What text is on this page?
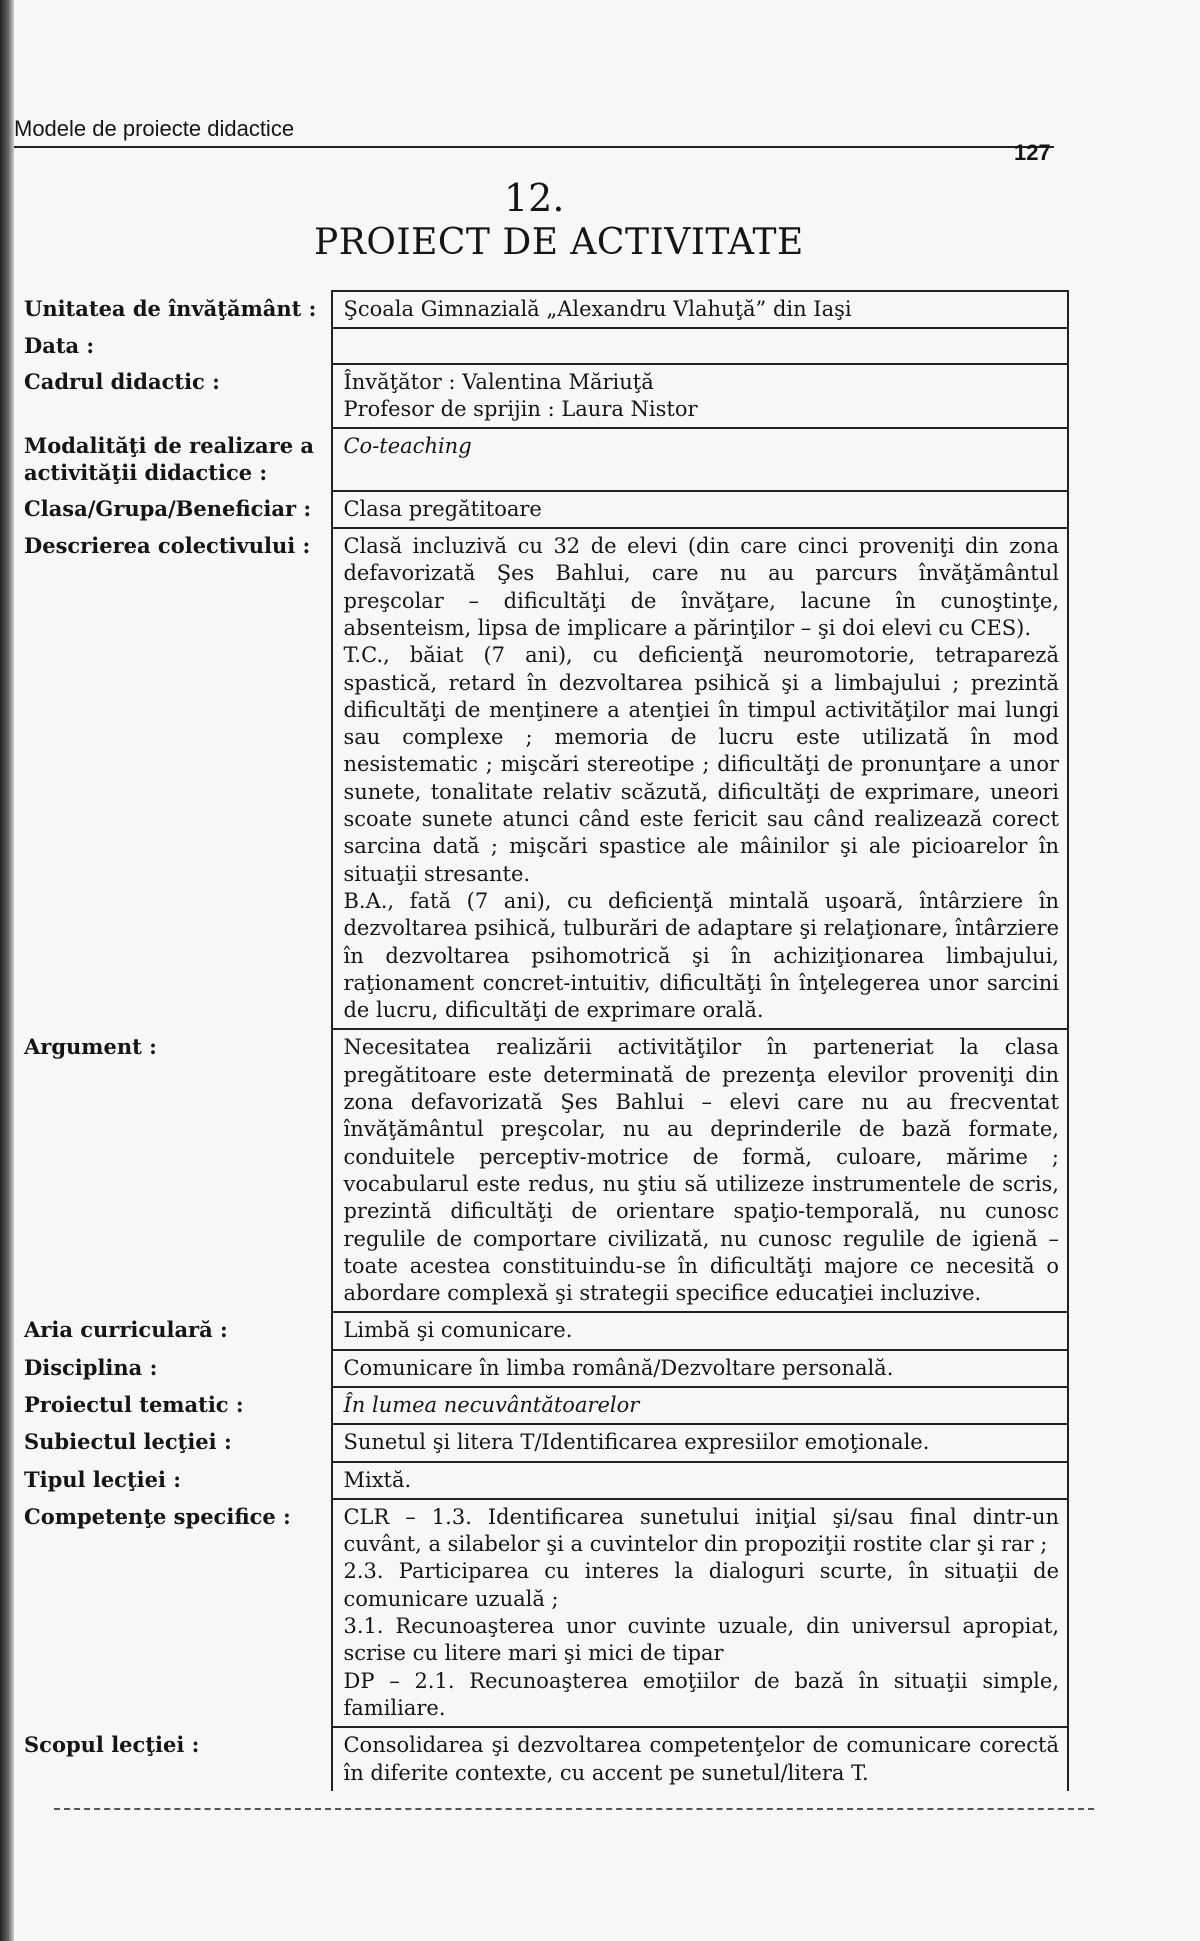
Modele de proiecte didactice
127
12.
PROIECT DE ACTIVITATE
Unitatea de învăţământ :	Şcoala Gimnazială „Alexandru Vlahuţă” din Iaşi

Data :	

Cadrul didactic :	Învăţător : Valentina Măriuţă
Profesor de sprijin : Laura Nistor

Modalităţi de realizare a activităţii didactice :	Co-teaching

Clasa/Grupa/Beneficiar :	Clasa pregătitoare

Descrierea colectivului :	Clasă incluzivă cu 32 de elevi (din care cinci proveniţi din zona defavorizată Şes Bahlui, care nu au parcurs învăţământul preşcolar – dificultăţi de învăţare, lacune în cunoştinţe, absenteism, lipsa de implicare a părinţilor – şi doi elevi cu CES).
T.C., băiat (7 ani), cu deficienţă neuromotorie, tetrapareză spastică, retard în dezvoltarea psihică şi a limbajului ; prezintă dificultăţi de menţinere a atenţiei în timpul activităţilor mai lungi sau complexe ; memoria de lucru este utilizată în mod nesistematic ; mişcări stereotipe ; dificultăţi de pronunţare a unor sunete, tonalitate relativ scăzută, dificultăţi de exprimare, uneori scoate sunete atunci când este fericit sau când realizează corect sarcina dată ; mişcări spastice ale mâinilor şi ale picioarelor în situaţii stresante.
B.A., fată (7 ani), cu deficienţă mintală uşoară, întârziere în dezvoltarea psihică, tulburări de adaptare şi relaţionare, întârziere în dezvoltarea psihomotrică şi în achiziţionarea limbajului, raţionament concret-intuitiv, dificultăţi în înţelegerea unor sarcini de lucru, dificultăţi de exprimare orală.

Argument :	Necesitatea realizării activităţilor în parteneriat la clasa pregătitoare este determinată de prezenţa elevilor proveniţi din zona defavorizată Şes Bahlui – elevi care nu au frecventat învăţământul preşcolar, nu au deprinderile de bază formate, conduitele perceptiv-motrice de formă, culoare, mărime ; vocabularul este redus, nu ştiu să utilizeze instrumentele de scris, prezintă dificultăţi de orientare spaţio-temporală, nu cunosc regulile de comportare civilizată, nu cunosc regulile de igienă – toate acestea constituindu-se în dificultăţi majore ce necesită o abordare complexă şi strategii specifice educaţiei incluzive.

Aria curriculară :	Limbă şi comunicare.

Disciplina :	Comunicare în limba română/Dezvoltare personală.

Proiectul tematic :	În lumea necuvântătoarelor

Subiectul lecţiei :	Sunetul şi litera T/Identificarea expresiilor emoţionale.

Tipul lecţiei :	Mixtă.

Competenţe specifice :	CLR – 1.3. Identificarea sunetului iniţial şi/sau final dintr-un cuvânt, a silabelor şi a cuvintelor din propoziţii rostite clar şi rar ;
2.3. Participarea cu interes la dialoguri scurte, în situaţii de comunicare uzuală ;
3.1. Recunoaşterea unor cuvinte uzuale, din universul apropiat, scrise cu litere mari şi mici de tipar
DP – 2.1. Recunoaşterea emoţiilor de bază în situaţii simple, familiare.

Scopul lecţiei :	Consolidarea şi dezvoltarea competenţelor de comunicare corectă în diferite contexte, cu accent pe sunetul/litera T.
